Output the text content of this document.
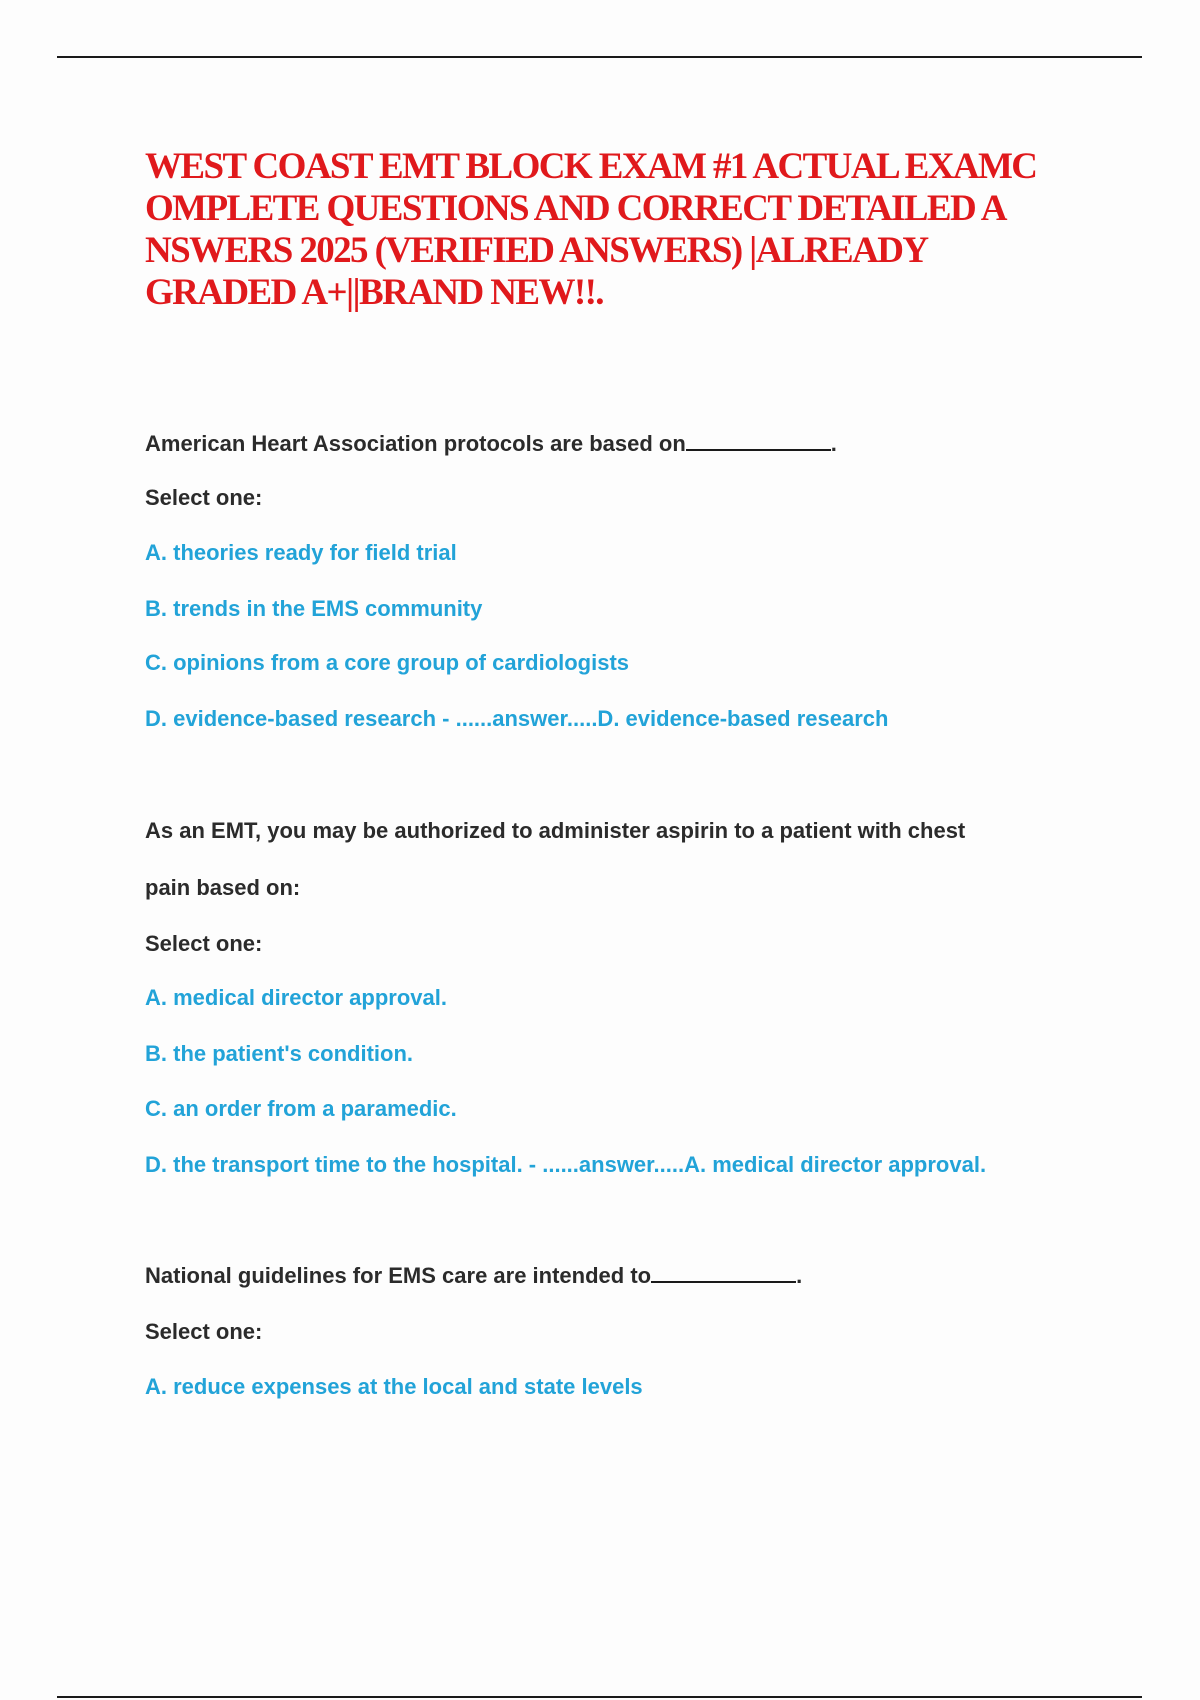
WEST COAST EMT BLOCK EXAM #1 ACTUAL EXAMC
OMPLETE QUESTIONS AND CORRECT DETAILED A
NSWERS 2025 (VERIFIED ANSWERS) |ALREADY
GRADED A+||BRAND NEW!!.

American Heart Association protocols are based on	.

Select one:

A. theories ready for field trial

B. trends in the EMS community

C. opinions from a core group of cardiologists

D. evidence-based research - ......answer.....D. evidence-based research

As an EMT, you may be authorized to administer aspirin to a patient with chest

pain based on:

Select one:

A. medical director approval.

B. the patient's condition.

C. an order from a paramedic.

D. the transport time to the hospital. - ......answer.....A. medical director approval.

National guidelines for EMS care are intended to	.

Select one:

A. reduce expenses at the local and state levels
